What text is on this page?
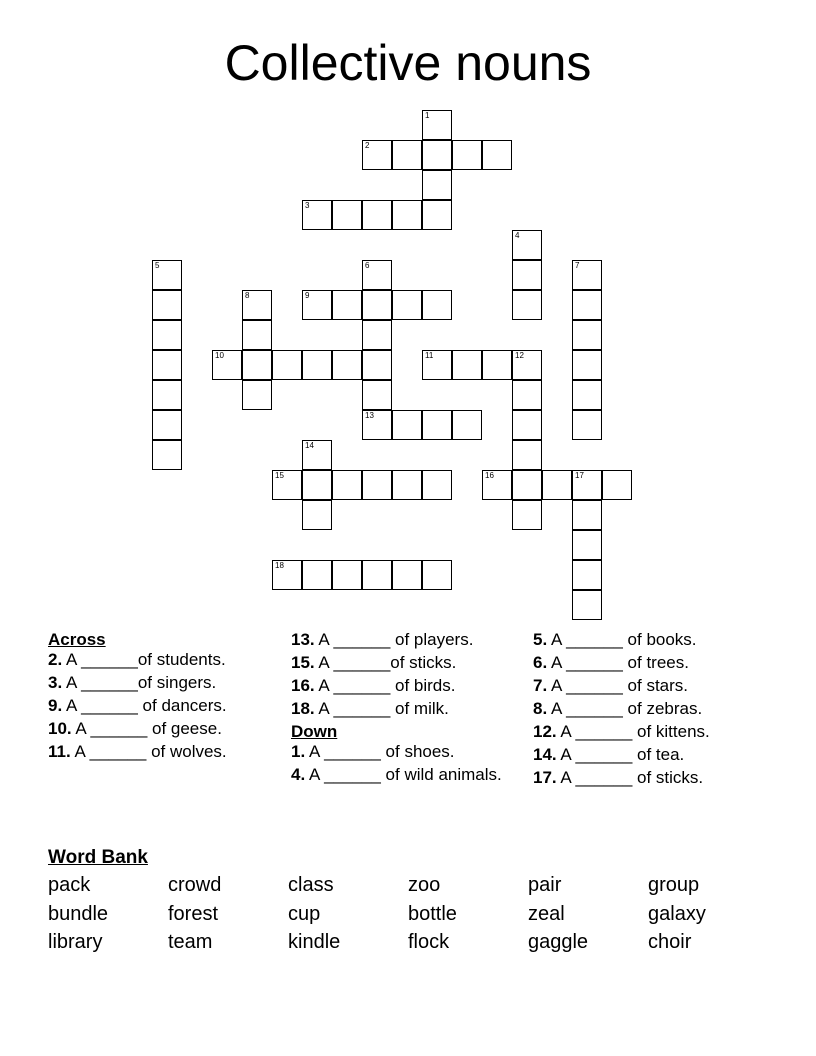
Collective nouns
1
2
3
4
5	6	7
8	9
10	11	12
13
14
15	16	17
18
Across
2. A ______of students.
3. A ______of singers.
9. A ______ of dancers.
10. A ______ of geese.
11. A ______ of wolves.
13. A ______ of players.
15. A ______of sticks.
16. A ______ of birds.
18. A ______ of milk.
Down
1. A ______ of shoes.
4. A ______ of wild animals.
5. A ______ of books.
6. A ______ of trees.
7. A ______ of stars.
8. A ______ of zebras.
12. A ______ of kittens.
14. A ______ of tea.
17. A ______ of sticks.
Word Bank
pack	crowd	class	zoo	pair	group
bundle	forest	cup	bottle	zeal	galaxy
library	team	kindle	flock	gaggle	choir
